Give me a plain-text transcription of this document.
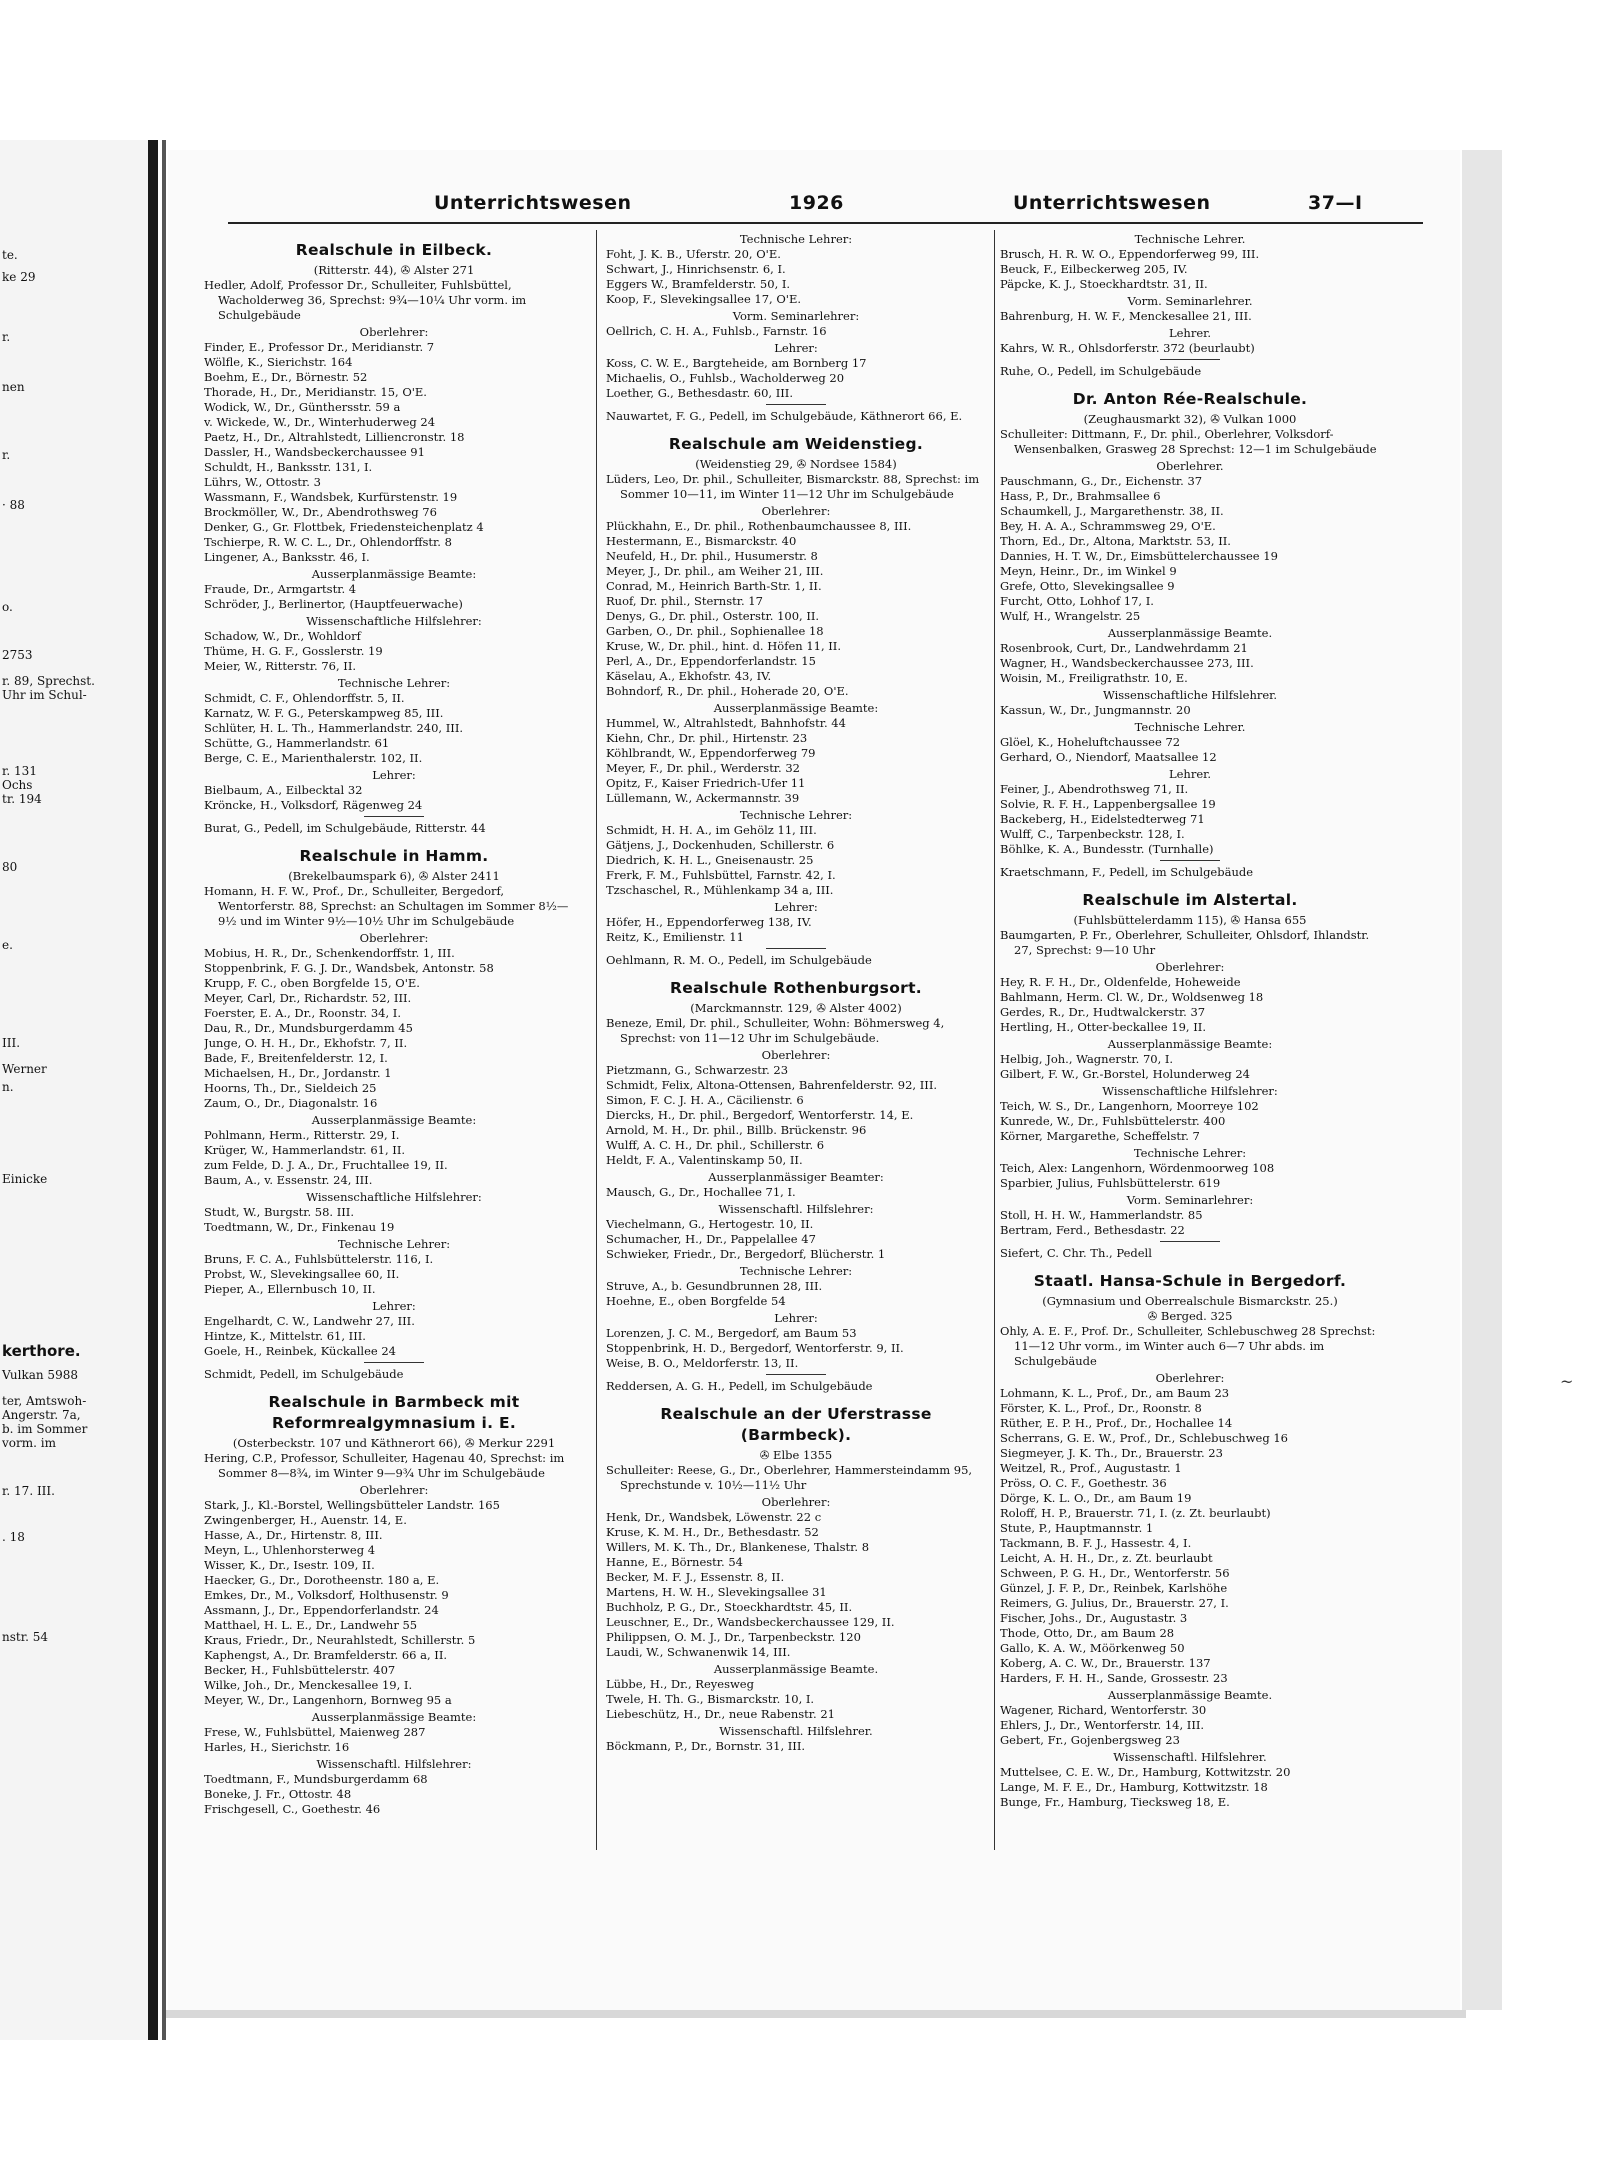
te.
ke 29
r.
nen
r.
· 88
o.
2753
r. 89, Sprechst.
Uhr im Schul-
r. 131
Ochs
tr. 194
80
e.
III.
Werner
n.
Einicke
kerthore.
Vulkan 5988
ter, Amtswoh-
Angerstr. 7a,
b. im Sommer
vorm. im
r. 17. III.
. 18
nstr. 54
Unterrichtswesen	1926	Unterrichtswesen	37—I
Realschule in Eilbeck.
(Ritterstr. 44), ✇ Alster 271
Hedler, Adolf, Professor Dr., Schulleiter, Fuhlsbüttel, Wacholderweg 36, Sprechst: 9¾—10¼ Uhr vorm. im Schulgebäude
Oberlehrer:
Finder, E., Professor Dr., Meridianstr. 7
Wölfle, K., Sierichstr. 164
Boehm, E., Dr., Börnestr. 52
Thorade, H., Dr., Meridianstr. 15, O'E.
Wodick, W., Dr., Günthersstr. 59 a
v. Wickede, W., Dr., Winterhuderweg 24
Paetz, H., Dr., Altrahlstedt, Lilliencronstr. 18
Dassler, H., Wandsbeckerchaussee 91
Schuldt, H., Banksstr. 131, I.
Lührs, W., Ottostr. 3
Wassmann, F., Wandsbek, Kurfürstenstr. 19
Brockmöller, W., Dr., Abendrothsweg 76
Denker, G., Gr. Flottbek, Friedensteichenplatz 4
Tschierpe, R. W. C. L., Dr., Ohlendorffstr. 8
Lingener, A., Banksstr. 46, I.
Ausserplanmässige Beamte:
Fraude, Dr., Armgartstr. 4
Schröder, J., Berlinertor, (Hauptfeuerwache)
Wissenschaftliche Hilfslehrer:
Schadow, W., Dr., Wohldorf
Thüme, H. G. F., Gosslerstr. 19
Meier, W., Ritterstr. 76, II.
Technische Lehrer:
Schmidt, C. F., Ohlendorffstr. 5, II.
Karnatz, W. F. G., Peterskampweg 85, III.
Schlüter, H. L. Th., Hammerlandstr. 240, III.
Schütte, G., Hammerlandstr. 61
Berge, C. E., Marienthalerstr. 102, II.
Lehrer:
Bielbaum, A., Eilbecktal 32
Kröncke, H., Volksdorf, Rägenweg 24
Burat, G., Pedell, im Schulgebäude, Ritterstr. 44
Realschule in Hamm.
(Brekelbaumspark 6), ✇ Alster 2411
Homann, H. F. W., Prof., Dr., Schulleiter, Bergedorf, Wentorferstr. 88, Sprechst: an Schultagen im Sommer 8½—9½ und im Winter 9½—10½ Uhr im Schulgebäude
Oberlehrer:
Mobius, H. R., Dr., Schenkendorffstr. 1, III.
Stoppenbrink, F. G. J. Dr., Wandsbek, Antonstr. 58
Krupp, F. C., oben Borgfelde 15, O'E.
Meyer, Carl, Dr., Richardstr. 52, III.
Foerster, E. A., Dr., Roonstr. 34, I.
Dau, R., Dr., Mundsburgerdamm 45
Junge, O. H. H., Dr., Ekhofstr. 7, II.
Bade, F., Breitenfelderstr. 12, I.
Michaelsen, H., Dr., Jordanstr. 1
Hoorns, Th., Dr., Sieldeich 25
Zaum, O., Dr., Diagonalstr. 16
Ausserplanmässige Beamte:
Pohlmann, Herm., Ritterstr. 29, I.
Krüger, W., Hammerlandstr. 61, II.
zum Felde, D. J. A., Dr., Fruchtallee 19, II.
Baum, A., v. Essenstr. 24, III.
Wissenschaftliche Hilfslehrer:
Studt, W., Burgstr. 58. III.
Toedtmann, W., Dr., Finkenau 19
Technische Lehrer:
Bruns, F. C. A., Fuhlsbüttelerstr. 116, I.
Probst, W., Slevekingsallee 60, II.
Pieper, A., Ellernbusch 10, II.
Lehrer:
Engelhardt, C. W., Landwehr 27, III.
Hintze, K., Mittelstr. 61, III.
Goele, H., Reinbek, Kückallee 24
Schmidt, Pedell, im Schulgebäude
Realschule in Barmbeck mit Reformrealgymnasium i. E.
(Osterbeckstr. 107 und Käthnerort 66), ✇ Merkur 2291
Hering, C.P., Professor, Schulleiter, Hagenau 40, Sprechst: im Sommer 8—8¾, im Winter 9—9¾ Uhr im Schulgebäude
Oberlehrer:
Stark, J., Kl.-Borstel, Wellingsbütteler Landstr. 165
Zwingenberger, H., Auenstr. 14, E.
Hasse, A., Dr., Hirtenstr. 8, III.
Meyn, L., Uhlenhorsterweg 4
Wisser, K., Dr., Isestr. 109, II.
Haecker, G., Dr., Dorotheenstr. 180 a, E.
Emkes, Dr., M., Volksdorf, Holthusenstr. 9
Assmann, J., Dr., Eppendorferlandstr. 24
Matthael, H. L. E., Dr., Landwehr 55
Kraus, Friedr., Dr., Neurahlstedt, Schillerstr. 5
Kaphengst, A., Dr. Bramfelderstr. 66 a, II.
Becker, H., Fuhlsbüttelerstr. 407
Wilke, Joh., Dr., Menckesallee 19, I.
Meyer, W., Dr., Langenhorn, Bornweg 95 a
Ausserplanmässige Beamte:
Frese, W., Fuhlsbüttel, Maienweg 287
Harles, H., Sierichstr. 16
Wissenschaftl. Hilfslehrer:
Toedtmann, F., Mundsburgerdamm 68
Boneke, J. Fr., Ottostr. 48
Frischgesell, C., Goethestr. 46
Technische Lehrer:
Foht, J. K. B., Uferstr. 20, O'E.
Schwart, J., Hinrichsenstr. 6, I.
Eggers W., Bramfelderstr. 50, I.
Koop, F., Slevekingsallee 17, O'E.
Vorm. Seminarlehrer:
Oellrich, C. H. A., Fuhlsb., Farnstr. 16
Lehrer:
Koss, C. W. E., Bargteheide, am Bornberg 17
Michaelis, O., Fuhlsb., Wacholderweg 20
Loether, G., Bethesdastr. 60, III.
Nauwartet, F. G., Pedell, im Schulgebäude, Käthnerort 66, E.
Realschule am Weidenstieg.
(Weidenstieg 29, ✇ Nordsee 1584)
Lüders, Leo, Dr. phil., Schulleiter, Bismarckstr. 88, Sprechst: im Sommer 10—11, im Winter 11—12 Uhr im Schulgebäude
Oberlehrer:
Plückhahn, E., Dr. phil., Rothenbaumchaussee 8, III.
Hestermann, E., Bismarckstr. 40
Neufeld, H., Dr. phil., Husumerstr. 8
Meyer, J., Dr. phil., am Weiher 21, III.
Conrad, M., Heinrich Barth-Str. 1, II.
Ruof, Dr. phil., Sternstr. 17
Denys, G., Dr. phil., Osterstr. 100, II.
Garben, O., Dr. phil., Sophienallee 18
Kruse, W., Dr. phil., hint. d. Höfen 11, II.
Perl, A., Dr., Eppendorferlandstr. 15
Käselau, A., Ekhofstr. 43, IV.
Bohndorf, R., Dr. phil., Hoherade 20, O'E.
Ausserplanmässige Beamte:
Hummel, W., Altrahlstedt, Bahnhofstr. 44
Kiehn, Chr., Dr. phil., Hirtenstr. 23
Köhlbrandt, W., Eppendorferweg 79
Meyer, F., Dr. phil., Werderstr. 32
Opitz, F., Kaiser Friedrich-Ufer 11
Lüllemann, W., Ackermannstr. 39
Technische Lehrer:
Schmidt, H. H. A., im Gehölz 11, III.
Gätjens, J., Dockenhuden, Schillerstr. 6
Diedrich, K. H. L., Gneisenaustr. 25
Frerk, F. M., Fuhlsbüttel, Farnstr. 42, I.
Tzschaschel, R., Mühlenkamp 34 a, III.
Lehrer:
Höfer, H., Eppendorferweg 138, IV.
Reitz, K., Emilienstr. 11
Oehlmann, R. M. O., Pedell, im Schulgebäude
Realschule Rothenburgsort.
(Marckmannstr. 129, ✇ Alster 4002)
Beneze, Emil, Dr. phil., Schulleiter, Wohn: Böhmersweg 4, Sprechst: von 11—12 Uhr im Schulgebäude.
Oberlehrer:
Pietzmann, G., Schwarzestr. 23
Schmidt, Felix, Altona-Ottensen, Bahrenfelderstr. 92, III.
Simon, F. C. J. H. A., Cäcilienstr. 6
Diercks, H., Dr. phil., Bergedorf, Wentorferstr. 14, E.
Arnold, M. H., Dr. phil., Billb. Brückenstr. 96
Wulff, A. C. H., Dr. phil., Schillerstr. 6
Heldt, F. A., Valentinskamp 50, II.
Ausserplanmässiger Beamter:
Mausch, G., Dr., Hochallee 71, I.
Wissenschaftl. Hilfslehrer:
Viechelmann, G., Hertogestr. 10, II.
Schumacher, H., Dr., Pappelallee 47
Schwieker, Friedr., Dr., Bergedorf, Blücherstr. 1
Technische Lehrer:
Struve, A., b. Gesundbrunnen 28, III.
Hoehne, E., oben Borgfelde 54
Lehrer:
Lorenzen, J. C. M., Bergedorf, am Baum 53
Stoppenbrink, H. D., Bergedorf, Wentorferstr. 9, II.
Weise, B. O., Meldorferstr. 13, II.
Reddersen, A. G. H., Pedell, im Schulgebäude
Realschule an der Uferstrasse (Barmbeck).
✇ Elbe 1355
Schulleiter: Reese, G., Dr., Oberlehrer, Hammersteindamm 95, Sprechstunde v. 10½—11½ Uhr
Oberlehrer:
Henk, Dr., Wandsbek, Löwenstr. 22 c
Kruse, K. M. H., Dr., Bethesdastr. 52
Willers, M. K. Th., Dr., Blankenese, Thalstr. 8
Hanne, E., Börnestr. 54
Becker, M. F. J., Essenstr. 8, II.
Martens, H. W. H., Slevekingsallee 31
Buchholz, P. G., Dr., Stoeckhardtstr. 45, II.
Leuschner, E., Dr., Wandsbeckerchaussee 129, II.
Philippsen, O. M. J., Dr., Tarpenbeckstr. 120
Laudi, W., Schwanenwik 14, III.
Ausserplanmässige Beamte.
Lübbe, H., Dr., Reyesweg
Twele, H. Th. G., Bismarckstr. 10, I.
Liebeschütz, H., Dr., neue Rabenstr. 21
Wissenschaftl. Hilfslehrer.
Böckmann, P., Dr., Bornstr. 31, III.
Technische Lehrer.
Brusch, H. R. W. O., Eppendorferweg 99, III.
Beuck, F., Eilbeckerweg 205, IV.
Päpcke, K. J., Stoeckhardtstr. 31, II.
Vorm. Seminarlehrer.
Bahrenburg, H. W. F., Menckesallee 21, III.
Lehrer.
Kahrs, W. R., Ohlsdorferstr. 372 (beurlaubt)
Ruhe, O., Pedell, im Schulgebäude
Dr. Anton Rée-Realschule.
(Zeughausmarkt 32), ✇ Vulkan 1000
Schulleiter: Dittmann, F., Dr. phil., Oberlehrer, Volksdorf-Wensenbalken, Grasweg 28 Sprechst: 12—1 im Schulgebäude
Oberlehrer.
Pauschmann, G., Dr., Eichenstr. 37
Hass, P., Dr., Brahmsallee 6
Schaumkell, J., Margarethenstr. 38, II.
Bey, H. A. A., Schrammsweg 29, O'E.
Thorn, Ed., Dr., Altona, Marktstr. 53, II.
Dannies, H. T. W., Dr., Eimsbüttelerchaussee 19
Meyn, Heinr., Dr., im Winkel 9
Grefe, Otto, Slevekingsallee 9
Furcht, Otto, Lohhof 17, I.
Wulf, H., Wrangelstr. 25
Ausserplanmässige Beamte.
Rosenbrook, Curt, Dr., Landwehrdamm 21
Wagner, H., Wandsbeckerchaussee 273, III.
Woisin, M., Freiligrathstr. 10, E.
Wissenschaftliche Hilfslehrer.
Kassun, W., Dr., Jungmannstr. 20
Technische Lehrer.
Glöel, K., Hoheluftchaussee 72
Gerhard, O., Niendorf, Maatsallee 12
Lehrer.
Feiner, J., Abendrothsweg 71, II.
Solvie, R. F. H., Lappenbergsallee 19
Backeberg, H., Eidelstedterweg 71
Wulff, C., Tarpenbeckstr. 128, I.
Böhlke, K. A., Bundesstr. (Turnhalle)
Kraetschmann, F., Pedell, im Schulgebäude
Realschule im Alstertal.
(Fuhlsbüttelerdamm 115), ✇ Hansa 655
Baumgarten, P. Fr., Oberlehrer, Schulleiter, Ohlsdorf, Ihlandstr. 27, Sprechst: 9—10 Uhr
Oberlehrer:
Hey, R. F. H., Dr., Oldenfelde, Hoheweide
Bahlmann, Herm. Cl. W., Dr., Woldsenweg 18
Gerdes, R., Dr., Hudtwalckerstr. 37
Hertling, H., Otter-beckallee 19, II.
Ausserplanmässige Beamte:
Helbig, Joh., Wagnerstr. 70, I.
Gilbert, F. W., Gr.-Borstel, Holunderweg 24
Wissenschaftliche Hilfslehrer:
Teich, W. S., Dr., Langenhorn, Moorreye 102
Kunrede, W., Dr., Fuhlsbüttelerstr. 400
Körner, Margarethe, Scheffelstr. 7
Technische Lehrer:
Teich, Alex: Langenhorn, Wördenmoorweg 108
Sparbier, Julius, Fuhlsbüttelerstr. 619
Vorm. Seminarlehrer:
Stoll, H. H. W., Hammerlandstr. 85
Bertram, Ferd., Bethesdastr. 22
Siefert, C. Chr. Th., Pedell
Staatl. Hansa-Schule in Bergedorf.
(Gymnasium und Oberrealschule Bismarckstr. 25.)
✇ Berged. 325
Ohly, A. E. F., Prof. Dr., Schulleiter, Schlebuschweg 28 Sprechst: 11—12 Uhr vorm., im Winter auch 6—7 Uhr abds. im Schulgebäude
Oberlehrer:
Lohmann, K. L., Prof., Dr., am Baum 23
Förster, K. L., Prof., Dr., Roonstr. 8
Rüther, E. P. H., Prof., Dr., Hochallee 14
Scherrans, G. E. W., Prof., Dr., Schlebuschweg 16
Siegmeyer, J. K. Th., Dr., Brauerstr. 23
Weitzel, R., Prof., Augustastr. 1
Pröss, O. C. F., Goethestr. 36
Dörge, K. L. O., Dr., am Baum 19
Roloff, H. P., Brauerstr. 71, I. (z. Zt. beurlaubt)
Stute, P., Hauptmannstr. 1
Tackmann, B. F. J., Hassestr. 4, I.
Leicht, A. H. H., Dr., z. Zt. beurlaubt
Schween, P. G. H., Dr., Wentorferstr. 56
Günzel, J. F. P., Dr., Reinbek, Karlshöhe
Reimers, G. Julius, Dr., Brauerstr. 27, I.
Fischer, Johs., Dr., Augustastr. 3
Thode, Otto, Dr., am Baum 28
Gallo, K. A. W., Möörkenweg 50
Koberg, A. C. W., Dr., Brauerstr. 137
Harders, F. H. H., Sande, Grossestr. 23
Ausserplanmässige Beamte.
Wagener, Richard, Wentorferstr. 30
Ehlers, J., Dr., Wentorferstr. 14, III.
Gebert, Fr., Gojenbergsweg 23
Wissenschaftl. Hilfslehrer.
Muttelsee, C. E. W., Dr., Hamburg, Kottwitzstr. 20
Lange, M. F. E., Dr., Hamburg, Kottwitzstr. 18
Bunge, Fr., Hamburg, Tiecksweg 18, E.
~
